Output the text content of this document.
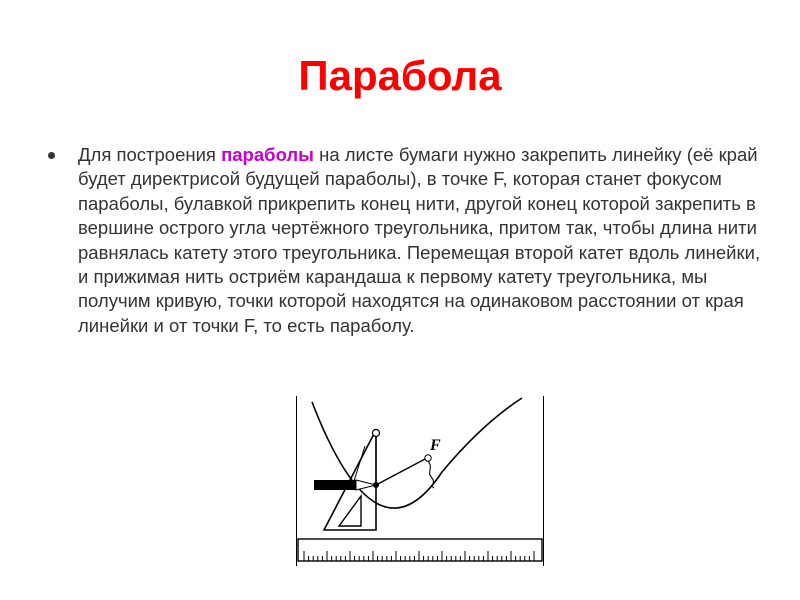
Парабола
Для построения параболы на листе бумаги нужно закрепить линейку (её край будет директрисой будущей параболы), в точке F, которая станет фокусом параболы, булавкой прикрепить конец нити, другой конец которой закрепить в вершине острого угла чертёжного треугольника, притом так, чтобы длина нити равнялась катету этого треугольника. Перемещая второй катет вдоль линейки, и прижимая нить остриём карандаша к первому катету треугольника, мы получим кривую, точки которой находятся на одинаковом расстоянии от края линейки и от точки F, то есть параболу.
F
